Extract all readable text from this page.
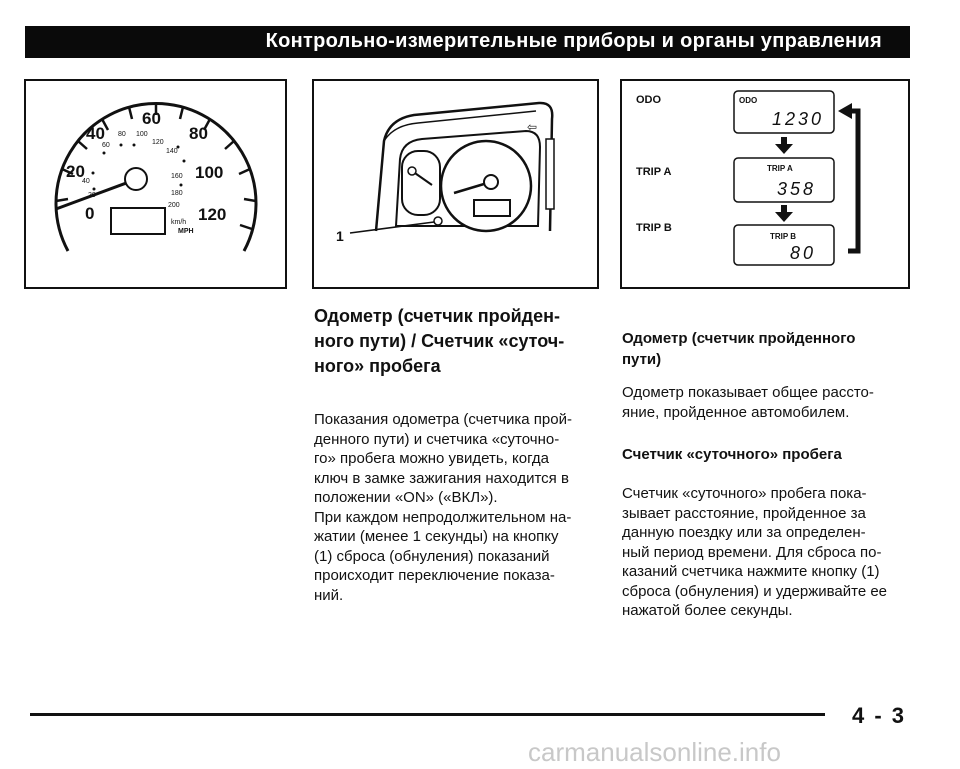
Контрольно-измерительные приборы и органы управления
0
20
40
60
80
100
120
40
60
80 100
120
140
160
180
200
km/h
MPH
⇦
1
ODO
TRIP A
TRIP B
ODO
1230
TRIP A
358
TRIP B
80
Одометр (счетчик пройден-
ного пути) / Счетчик «суточ-
ного» пробега

Показания одометра (счетчика прой-

денного пути) и счетчика «суточно-

го» пробега можно увидеть, когда

ключ в замке зажигания находится в

положении «ON» («ВКЛ»).

При каждом непродолжительном на-

жатии (менее 1 секунды) на кнопку

(1) сброса (обнуления) показаний

происходит переключение показа-

ний.

Одометр (счетчик пройденного
пути)

Одометр показывает общее рассто-

яние, пройденное автомобилем.

Счетчик «суточного» пробега

Счетчик «суточного» пробега пока-

зывает расстояние, пройденное за

данную поездку или за определен-

ный период времени. Для сброса по-

казаний счетчика нажмите кнопку (1)

сброса (обнуления) и удерживайте ее

нажатой более секунды.

4 - 3
carmanualsonline.info
